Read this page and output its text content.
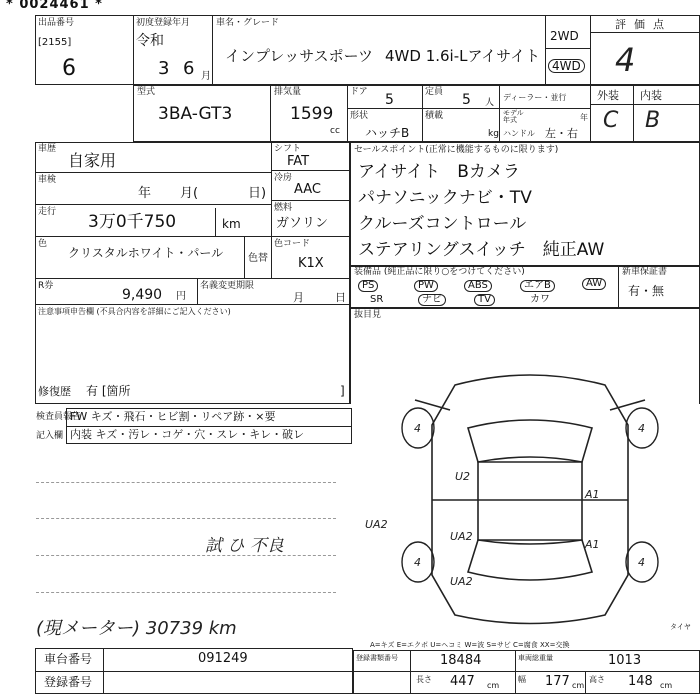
* 0024461 *
出品番号
[2155]
6
初度登録年月
令和
3 6 月
車名・グレード
インプレッサスポーツ 4WD 1.6i-Lアイサイト
2WD
4WD
評価点
4
型式
3BA-GT3
排気量
1599
cc
ドア 5	定員 5 人
形状
ハッチB
積載
kg
ディーラー・並行
モデル年式	年
ハンドル 左・右
外装 内装
C B
車歴
自家用
車検
年 月(	日)
走行 3万0千750	km
色
クリスタルホワイト・パール	色替
R券
9,490 円
名義変更期限
月	日
注意事項申告欄 (不具合内容を詳細にご記入ください)
修復歴 有 [箇所	]
シフト
FAT
冷房
AAC
燃料
ガソリン
色コード
K1X
セールスポイント(正常に機能するものに限ります)
アイサイト　Bカメラ
パナソニックナビ・TV
クルーズコントロール
ステアリングスイッチ　純正AW
装備品 (純正品に限り○をつけてください)	新車保証書
有・無
PS	PW	ABS	エアB	AW
SR	ナビ	TV	カワ
抜目見
検査員報告
記入欄
FW キズ・飛石・ヒビ割・リペア跡・×要
内装 キズ・汚レ・コゲ・穴・スレ・キレ・破レ
試 ひ 不良
(現メーター) 30739 km
U2
A1
A1
UA2
UA2
UA2
4	4
4	4
A=キズ E=エクボ U=ヘコミ W=波 S=サビ C=腐食 XX=交換
タイヤ
車台番号	091249
登録番号
登録書類番号	18484	車両総重量	1013
長さ 447 cm
幅 177 cm
高さ 148 cm
